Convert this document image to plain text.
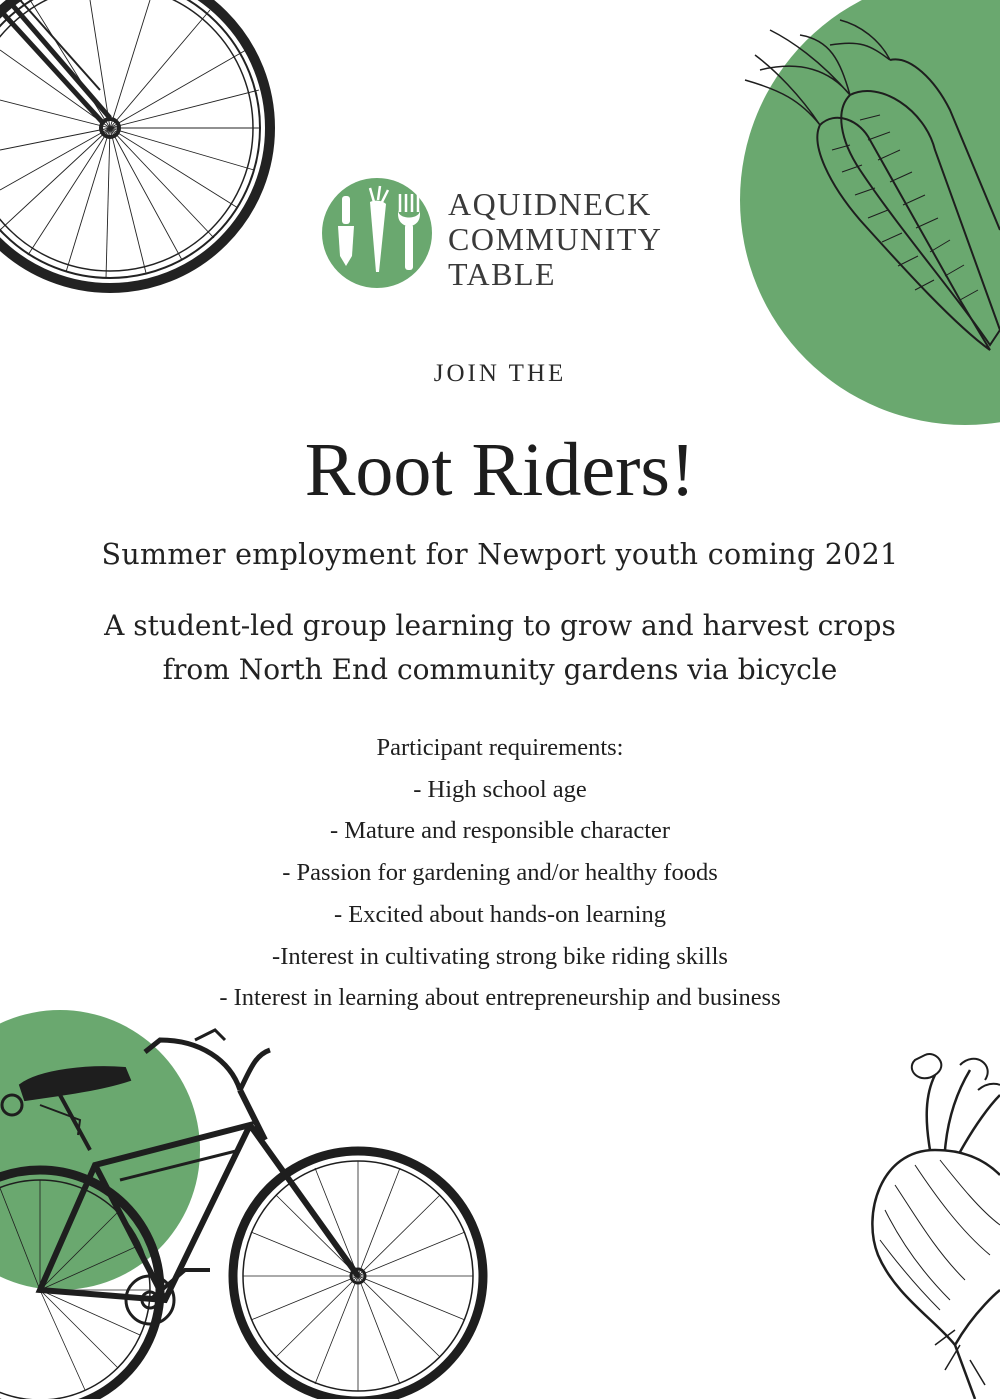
AQUIDNECK
COMMUNITY
TABLE
JOIN THE
Root Riders!
Summer employment for Newport youth coming 2021
A student-led group learning to grow and harvest crops
from North End community gardens via bicycle
Participant requirements:
- High school age
- Mature and responsible character
- Passion for gardening and/or healthy foods
- Excited about hands-on learning
-Interest in cultivating strong bike riding skills
- Interest in learning about entrepreneurship and business
